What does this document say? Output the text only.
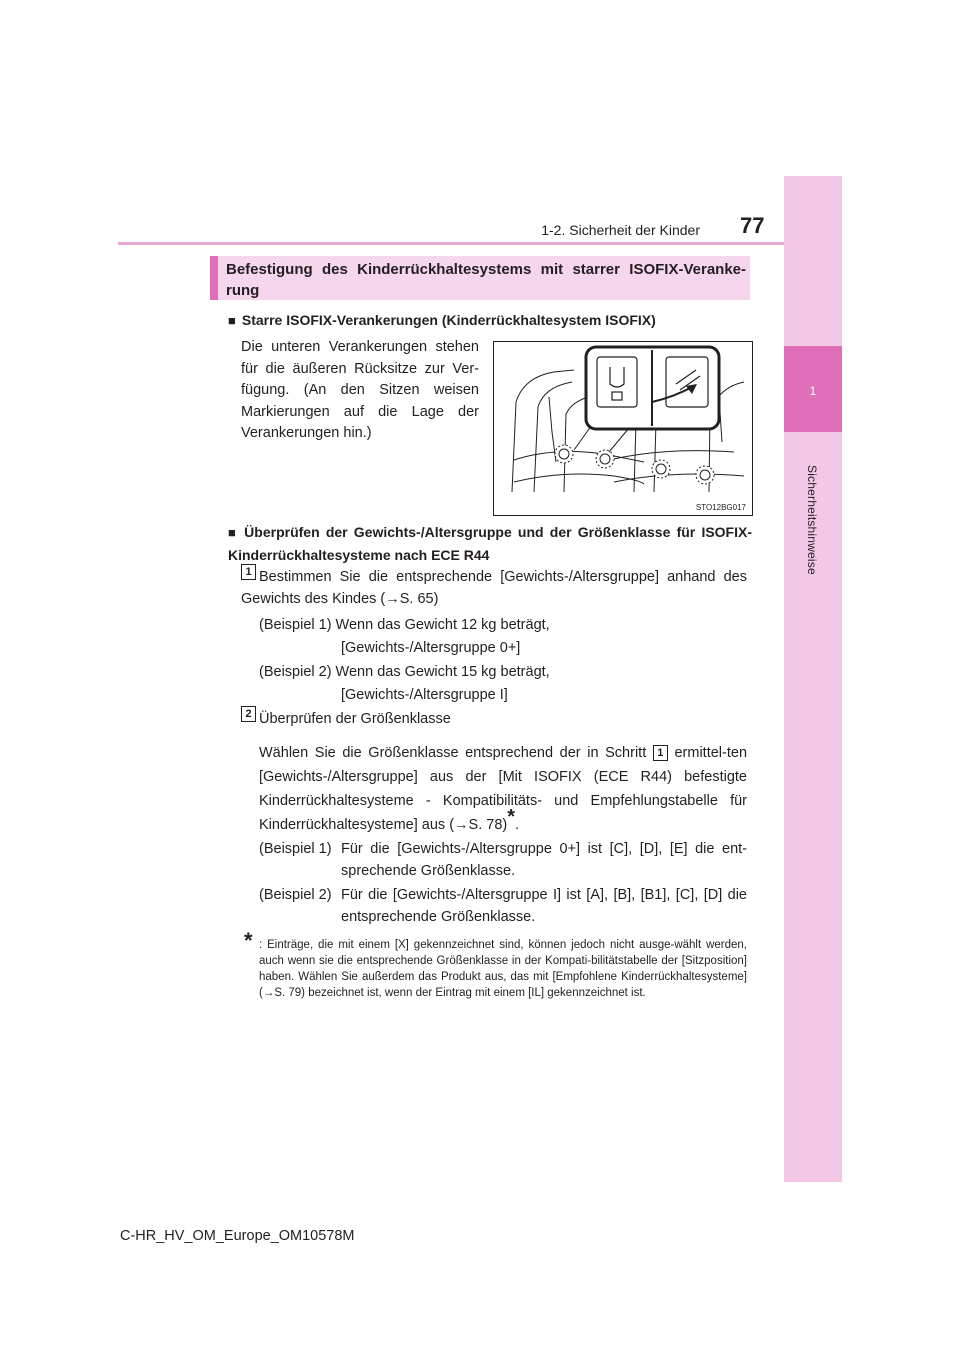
1-2. Sicherheit der Kinder 77
1
Sicherheitshinweise
Befestigung des Kinderrückhaltesystems mit starrer ISOFIX-Veranke-rung
■ Starre ISOFIX-Verankerungen (Kinderrückhaltesystem ISOFIX)
Die unteren Verankerungen stehen für die äußeren Rücksitze zur Ver-fügung. (An den Sitzen weisen Markierungen auf die Lage der Verankerungen hin.)
STO12BG017
■ Überprüfen der Gewichts-/Altersgruppe und der Größenklasse für ISOFIX-Kinderrückhaltesysteme nach ECE R44
1 Bestimmen Sie die entsprechende [Gewichts-/Altersgruppe] anhand des Gewichts des Kindes (→S. 65)
(Beispiel 1) Wenn das Gewicht 12 kg beträgt,
[Gewichts-/Altersgruppe 0+]
(Beispiel 2) Wenn das Gewicht 15 kg beträgt,
[Gewichts-/Altersgruppe I]
2 Überprüfen der Größenklasse
Wählen Sie die Größenklasse entsprechend der in Schritt 1 ermittel-ten [Gewichts-/Altersgruppe] aus der [Mit ISOFIX (ECE R44) befestigte Kinderrückhaltesysteme - Kompatibilitäts- und Empfehlungstabelle für Kinderrückhaltesysteme] aus (→S. 78)*.
(Beispiel 1) Für die [Gewichts-/Altersgruppe 0+] ist [C], [D], [E] die ent-sprechende Größenklasse.
(Beispiel 2) Für die [Gewichts-/Altersgruppe I] ist [A], [B], [B1], [C], [D] die entsprechende Größenklasse.
* : Einträge, die mit einem [X] gekennzeichnet sind, können jedoch nicht ausge-wählt werden, auch wenn sie die entsprechende Größenklasse in der Kompati-bilitätstabelle der [Sitzposition] haben. Wählen Sie außerdem das Produkt aus, das mit [Empfohlene Kinderrückhaltesysteme] (→S. 79) bezeichnet ist, wenn der Eintrag mit einem [IL] gekennzeichnet ist.
C-HR_HV_OM_Europe_OM10578M
